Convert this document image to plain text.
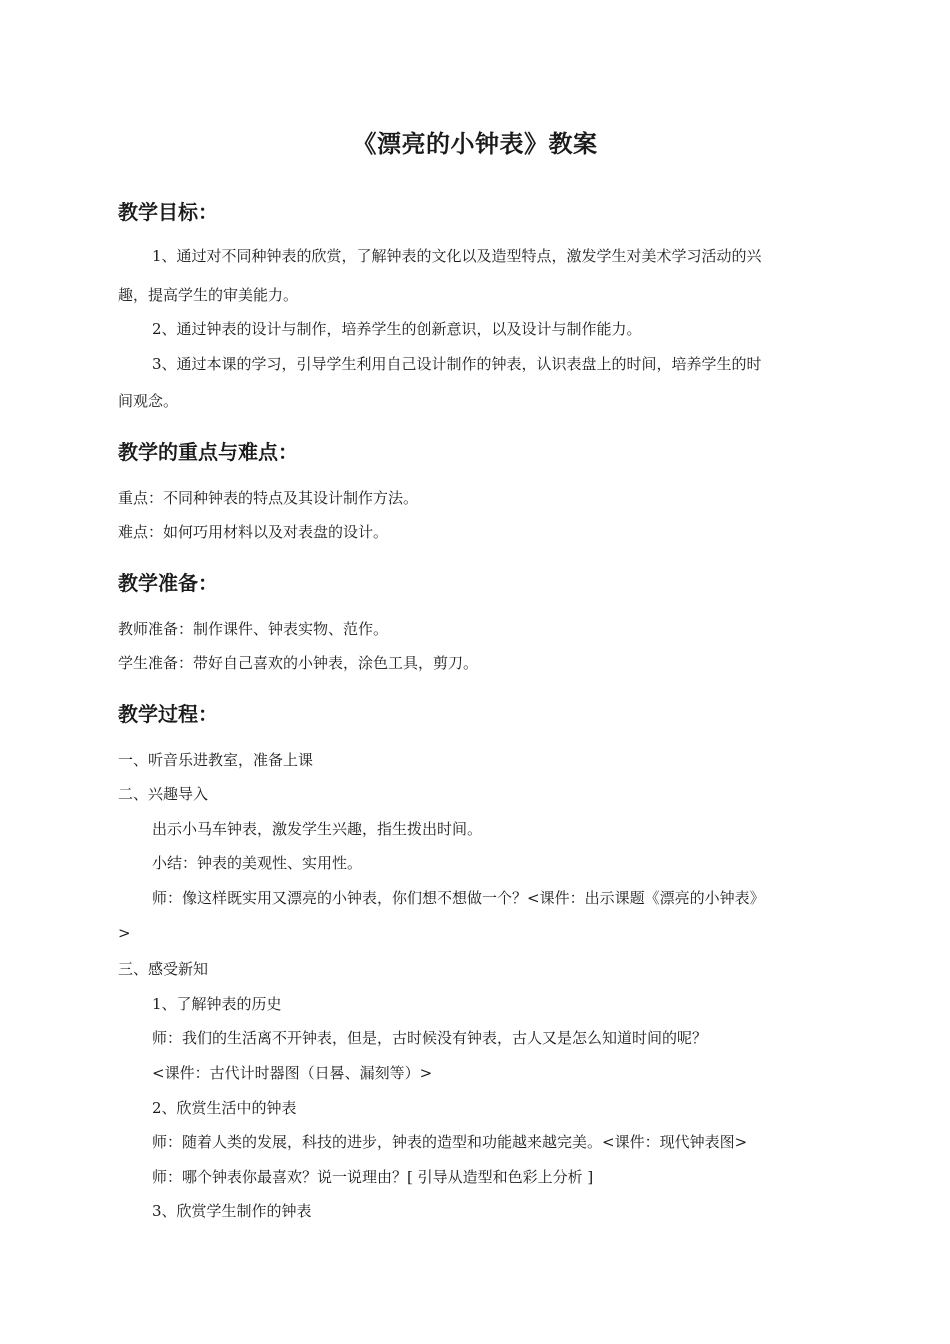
《漂亮的小钟表》教案
教学目标：
1、通过对不同种钟表的欣赏，了解钟表的文化以及造型特点，激发学生对美术学习活动的兴
趣，提高学生的审美能力。
2、通过钟表的设计与制作，培养学生的创新意识，以及设计与制作能力。
3、通过本课的学习，引导学生利用自己设计制作的钟表，认识表盘上的时间，培养学生的时
间观念。
教学的重点与难点：
重点：不同种钟表的特点及其设计制作方法。
难点：如何巧用材料以及对表盘的设计。
教学准备：
教师准备：制作课件、钟表实物、范作。
学生准备：带好自己喜欢的小钟表，涂色工具，剪刀。
教学过程：
一、听音乐进教室，准备上课
二、兴趣导入
出示小马车钟表，激发学生兴趣，指生拨出时间。
小结：钟表的美观性、实用性。
师：像这样既实用又漂亮的小钟表，你们想不想做一个？<课件：出示课题《漂亮的小钟表》
>
三、感受新知
1、了解钟表的历史
师：我们的生活离不开钟表，但是，古时候没有钟表，古人又是怎么知道时间的呢？
<课件：古代计时器图（日晷、漏刻等）>
2、欣赏生活中的钟表
师：随着人类的发展，科技的进步，钟表的造型和功能越来越完美。<课件：现代钟表图>
师：哪个钟表你最喜欢？说一说理由？[ 引导从造型和色彩上分析 ]
3、欣赏学生制作的钟表
